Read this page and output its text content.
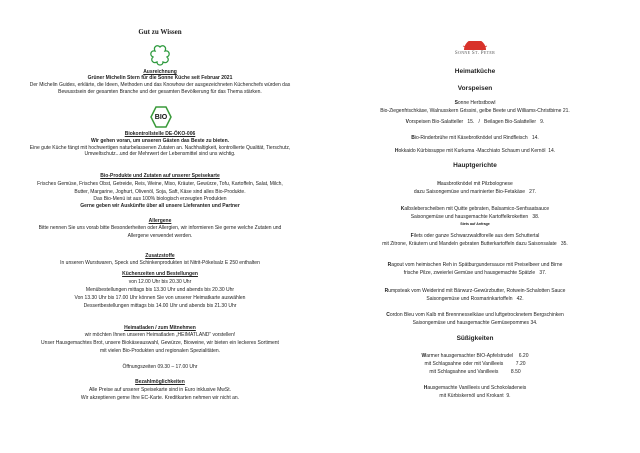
Gut zu Wissen
Ausreichnung
Grüner Michelin Stern für die Sonne Küche seit Februar 2021
Der Michelin Guides, erklärte, die Ideen, Methoden und das Knowhow der ausgezeichneten Küchenchefs würden das
Bewusstsein der gesamten Branche und der gesamten Bevölkerung für das Thema stärken.
BIO
Biokontrollstelle DE-ÖKO-006
Wir gehen voran, um unseren Gästen das Beste zu bieten.
Eine gute Küche fängt mit hochwertigen naturbelassenen Zutaten an. Nachhaltigkeit, kontrollierte Qualität, Tierschutz,
Umweltschutz...und der Mehrwert der Lebensmittel sind uns wichtig.
Bio-Produkte und Zutaten auf unserer Speisekarte
Frisches Gemüse, Frisches Obst, Getreide, Reis, Weine, Miso, Kräuter, Gewürze, Tofu, Kartoffeln, Salat, Milch,
Butter, Margarine, Joghurt, Olivenöl, Soja, Saft, Käse sind alles Bio-Produkte.
Das Bio-Menü ist aus 100% biologisch erzeugten Produkten
Gerne geben wir Auskünfte über all unsere Lieferanten und Partner
Allergene
Bitte nennen Sie uns vorab bitte Besonderheiten oder Allergien, wir informieren Sie gerne welche Zutaten und
Allergene verwendet werden.
Zusatzstoffe
In unseren Wurstwaren, Speck und Schinkenprodukten ist Nitrit-Pökelsalz E 250 enthalten
Küchenzeiten und Bestellungen
von 12.00 Uhr bis 20.30 Uhr
Menübestellungen mittags bis 13.30 Uhr und abends bis 20.30 Uhr
Von 13.30 Uhr bis 17.00 Uhr können Sie von unserer Heimatkarte auswählen
Dessertbestellungen mittags bis 14.00 Uhr und abends bis 21.30 Uhr
Heimatladen / zum Mitnehmen
wir möchten Ihnen unseren Heimatladen „HEIMATLAND“ vorstellen!
Unser Hausgemachtes Brot, unsere Biokäseauswahl, Gewürze, Bioweine, wir bieten ein leckeres Sortiment
mit vielen Bio-Produkten und regionalen Spezialitäten.
Öffnungszeiten 09.30 – 17.00 Uhr
Bezahlmöglichkeiten
Alle Preise auf unserer Speisekarte sind in Euro inklusive MwSt.
Wir akzeptieren gerne Ihre EC-Karte. Kreditkarten nehmen wir nicht an.
Sonne St. Peter
Heimatküche
Vorspeisen
Sonne Herbstbowl
Bio-Ziegenfrischkäse, Walnusskern Grissini, gelbe Beete und Williams-Christbirne 21.
Vorspeisen Bio-Salatteller   15.   /   Beilagen Bio-Salatteller   9.
Bio-Rinderbrühe mit Käsebrotknödel und Rindfleisch   14.
Hokkaido Kürbissuppe mit Kurkuma -Macchiato Schaum und Kernöl  14.
Hauptgerichte
Hausbrotknödel mit Pilzbolognese
dazu Saisongemüse und marinierter Bio-Fetakäse   27.
Kalbsleberscheiben mit Quitte gebraten, Balsamico-Senfsaatsauce
Saisongemüse und hausgemachte Kartoffelkroketten   38.
Stets auf Anfrage
Filets oder ganze Schwarzwaldforelle aus dem Schuttertal
mit Zitrone, Kräutern und Mandeln gebraten Butterkartoffeln dazu Saisonsalate   35.
Ragout vom heimischen Reh in Spätburgundersauce mit Preiselbeer und Birne
frische Pilze, zweierlei Gemüse und hausgemachte Spätzle   37.
Rumpsteak vom Weiderind mit Bärwurz-Gewürzbutter, Rotwein-Schalotten Sauce
Saisongemüse und Rosmarinkartoffeln   42.
Cordon Bleu vom Kalb mit Brennnesselkäse und luftgetrocknetem Bergschinken
Saisongemüse und hausgemachte Gemüsepommes 34.
Süßigkeiten
Warmer hausgemachter BIO-Apfelstrudel    6.20
mit Schlagsahne oder mit Vanilleeis         7.20
mit Schlagsahne und Vanilleeis         8.50
Hausgemachte Vanilleeis und Schokoladeneis
mit Kürbiskernöl und Krokant  9.
